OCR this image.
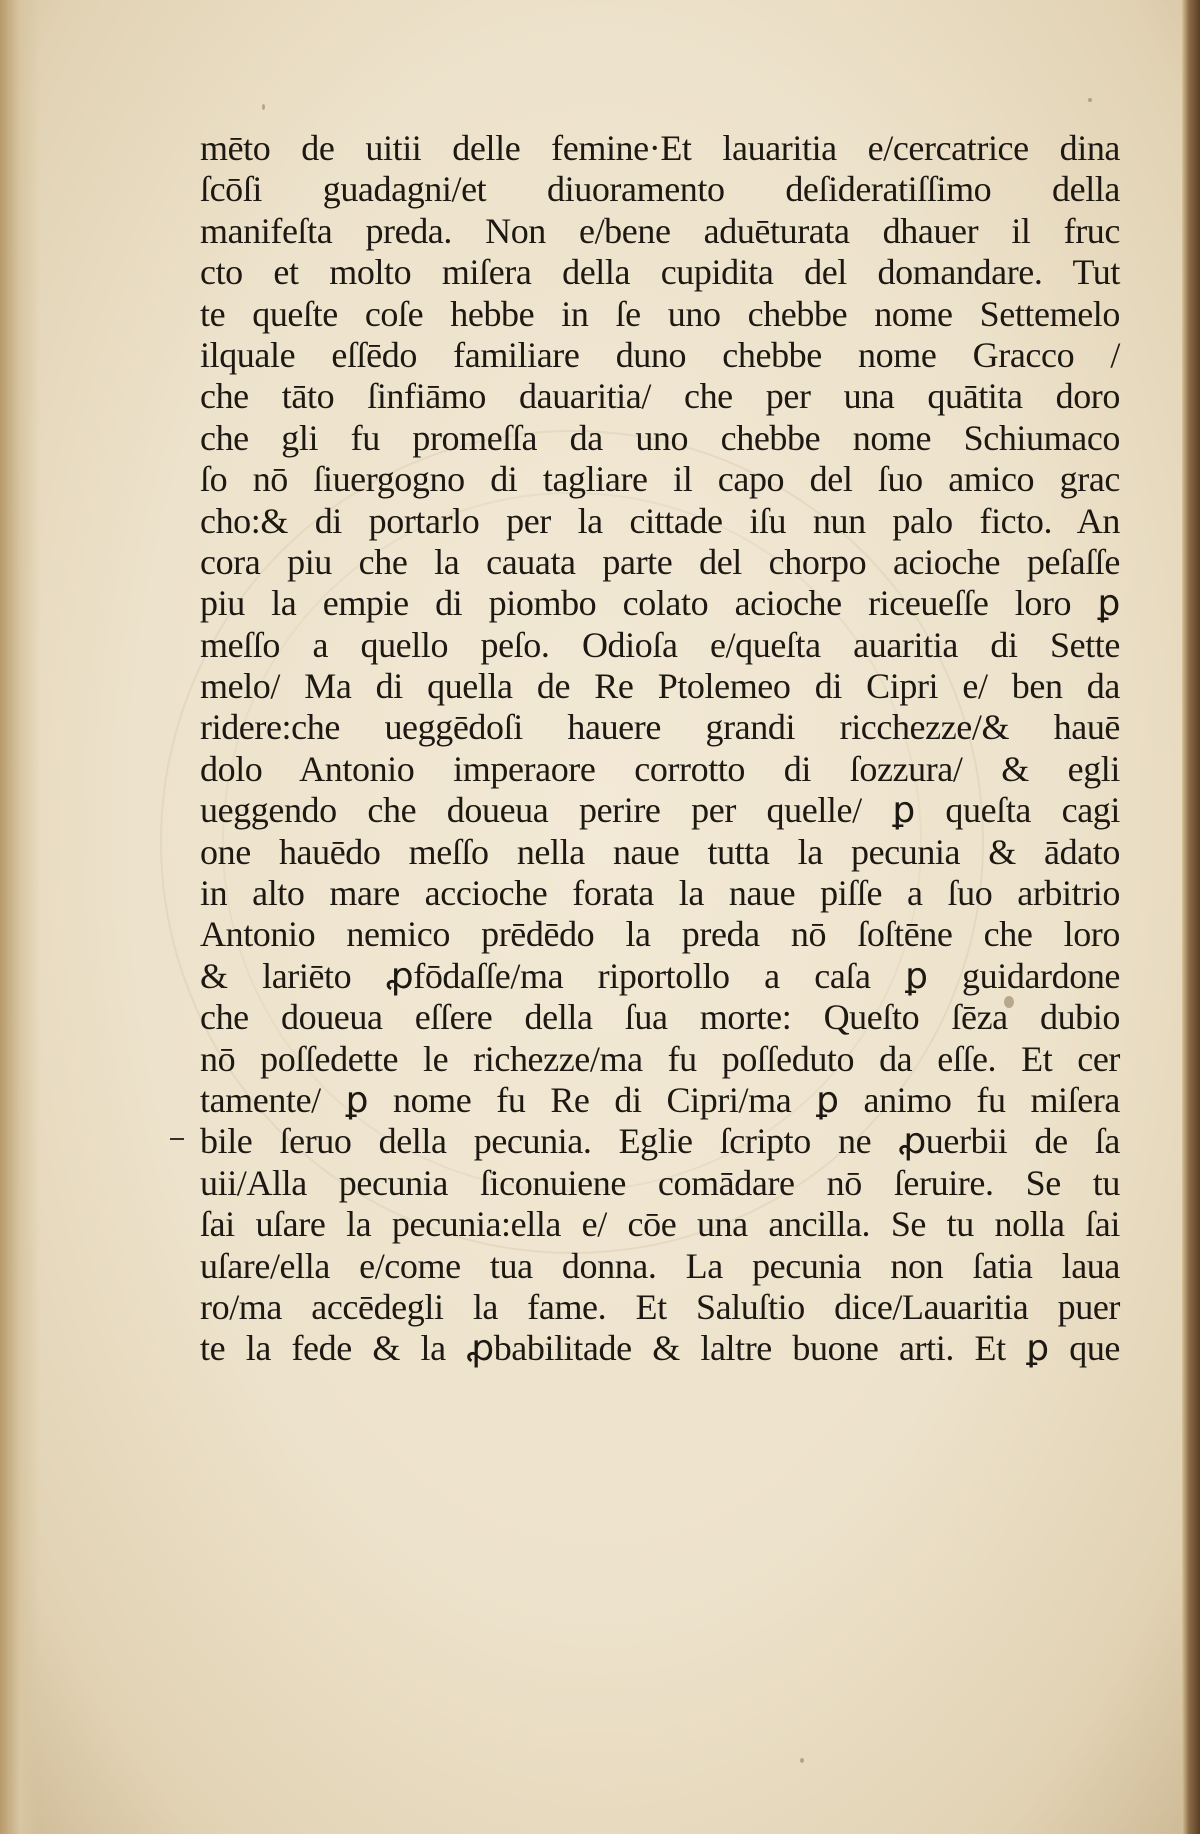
mēto de uitii delle femine·Et lauaritia e/cercatrice dina
ſcōſi guadagni/et diuoramento deſideratiſſimo della
manifeſta preda. Non e/bene aduēturata dhauer il fruc
cto et molto miſera della cupidita del domandare. Tut
te queſte coſe hebbe in ſe uno chebbe nome Settemelo
ilquale eſſēdo familiare duno chebbe nome Gracco /
che tāto ſinfiāmo dauaritia/ che per una quātita doro
che gli fu promeſſa da uno chebbe nome Schiumaco
ſo nō ſiuergogno di tagliare il capo del ſuo amico grac
cho:& di portarlo per la cittade iſu nun palo ficto. An
cora piu che la cauata parte del chorpo acioche peſaſſe
piu la empie di piombo colato acioche riceueſſe loro ꝑ
meſſo a quello peſo. Odioſa e/queſta auaritia di Sette
melo/ Ma di quella de Re Ptolemeo di Cipri e/ ben da
ridere:che ueggēdoſi hauere grandi ricchezze/& hauē
dolo Antonio imperaore corrotto di ſozzura/ & egli
ueggendo che doueua perire per quelle/ ꝑ queſta cagi
one hauēdo meſſo nella naue tutta la pecunia & ādato
in alto mare accioche forata la naue piſſe a ſuo arbitrio
Antonio nemico prēdēdo la preda nō ſoſtēne che loro
& lariēto ꝓfōdaſſe/ma riportollo a caſa ꝑ guidardone
che doueua eſſere della ſua morte: Queſto ſēza dubio
nō poſſedette le richezze/ma fu poſſeduto da eſſe. Et cer
tamente/ ꝑ nome fu Re di Cipri/ma ꝑ animo fu miſera
bile ſeruo della pecunia. Eglie ſcripto ne ꝓuerbii de ſa
uii/Alla pecunia ſiconuiene comādare nō ſeruire. Se tu
ſai uſare la pecunia:ella e/ cōe una ancilla. Se tu nolla ſai
uſare/ella e/come tua donna. La pecunia non ſatia laua
ro/ma accēdegli la fame. Et Saluſtio dice/Lauaritia puer
te la fede & la ꝓbabilitade & laltre buone arti. Et ꝑ que
